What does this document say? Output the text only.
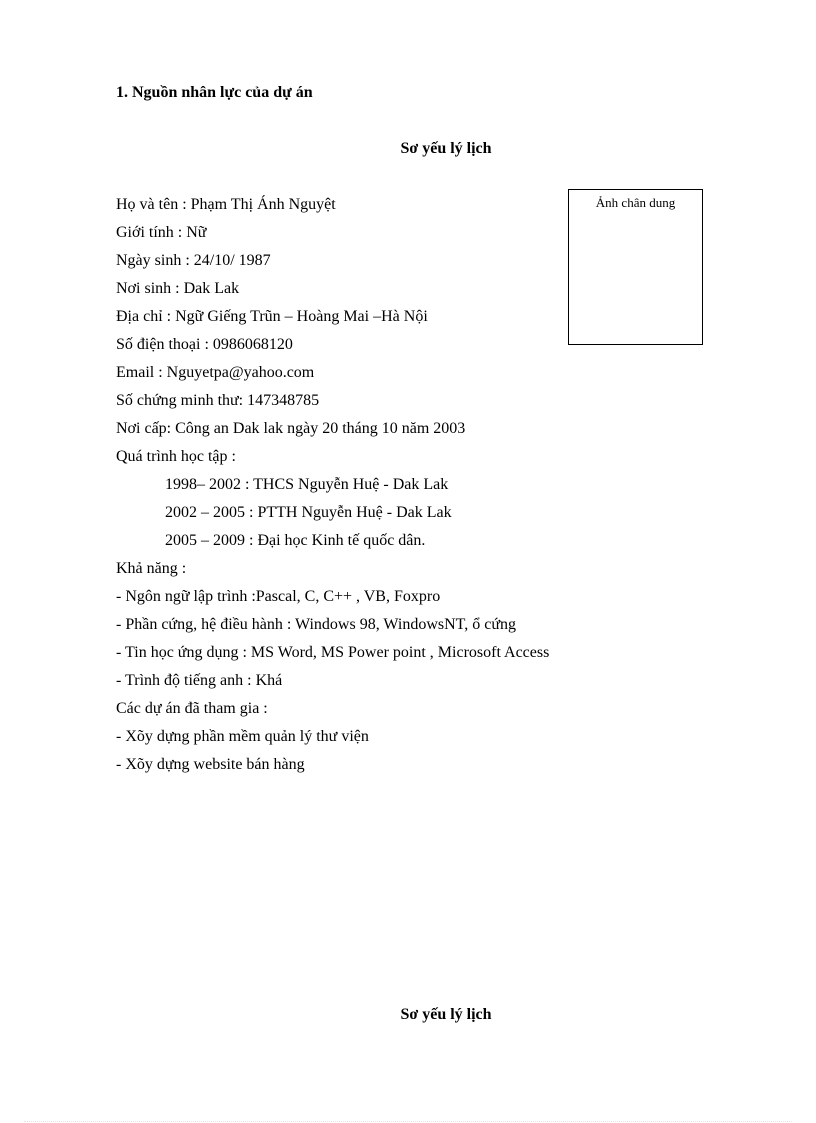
1. Nguồn nhân lực của dự án
Sơ yếu lý lịch
Ảnh chân dung
Họ và tên : Phạm Thị Ánh Nguyệt
Giới tính : Nữ
Ngày sinh : 24/10/ 1987
Nơi sinh : Dak Lak
Địa chỉ : Ngữ Giếng Trũn – Hoàng Mai –Hà Nội
Số điện thoại : 0986068120
Email : Nguyetpa@yahoo.com
Số chứng minh thư: 147348785
Nơi cấp: Công an Dak lak ngày 20 tháng 10 năm 2003
Quá trình học tập :
1998– 2002 : THCS Nguyễn Huệ - Dak Lak
2002 – 2005 : PTTH Nguyễn Huệ - Dak Lak
2005 – 2009 : Đại học Kinh tế quốc dân.
Khả năng :
- Ngôn ngữ lập trình :Pascal, C, C++ , VB, Foxpro
- Phần cứng, hệ điều hành : Windows 98, WindowsNT, ổ cứng
- Tin học ứng dụng : MS Word, MS Power point , Microsoft Access
- Trình độ tiếng anh : Khá
Các dự án đã tham gia :
- Xõy dựng phần mềm quản lý thư viện
- Xõy dựng website bán hàng
Sơ yếu lý lịch
